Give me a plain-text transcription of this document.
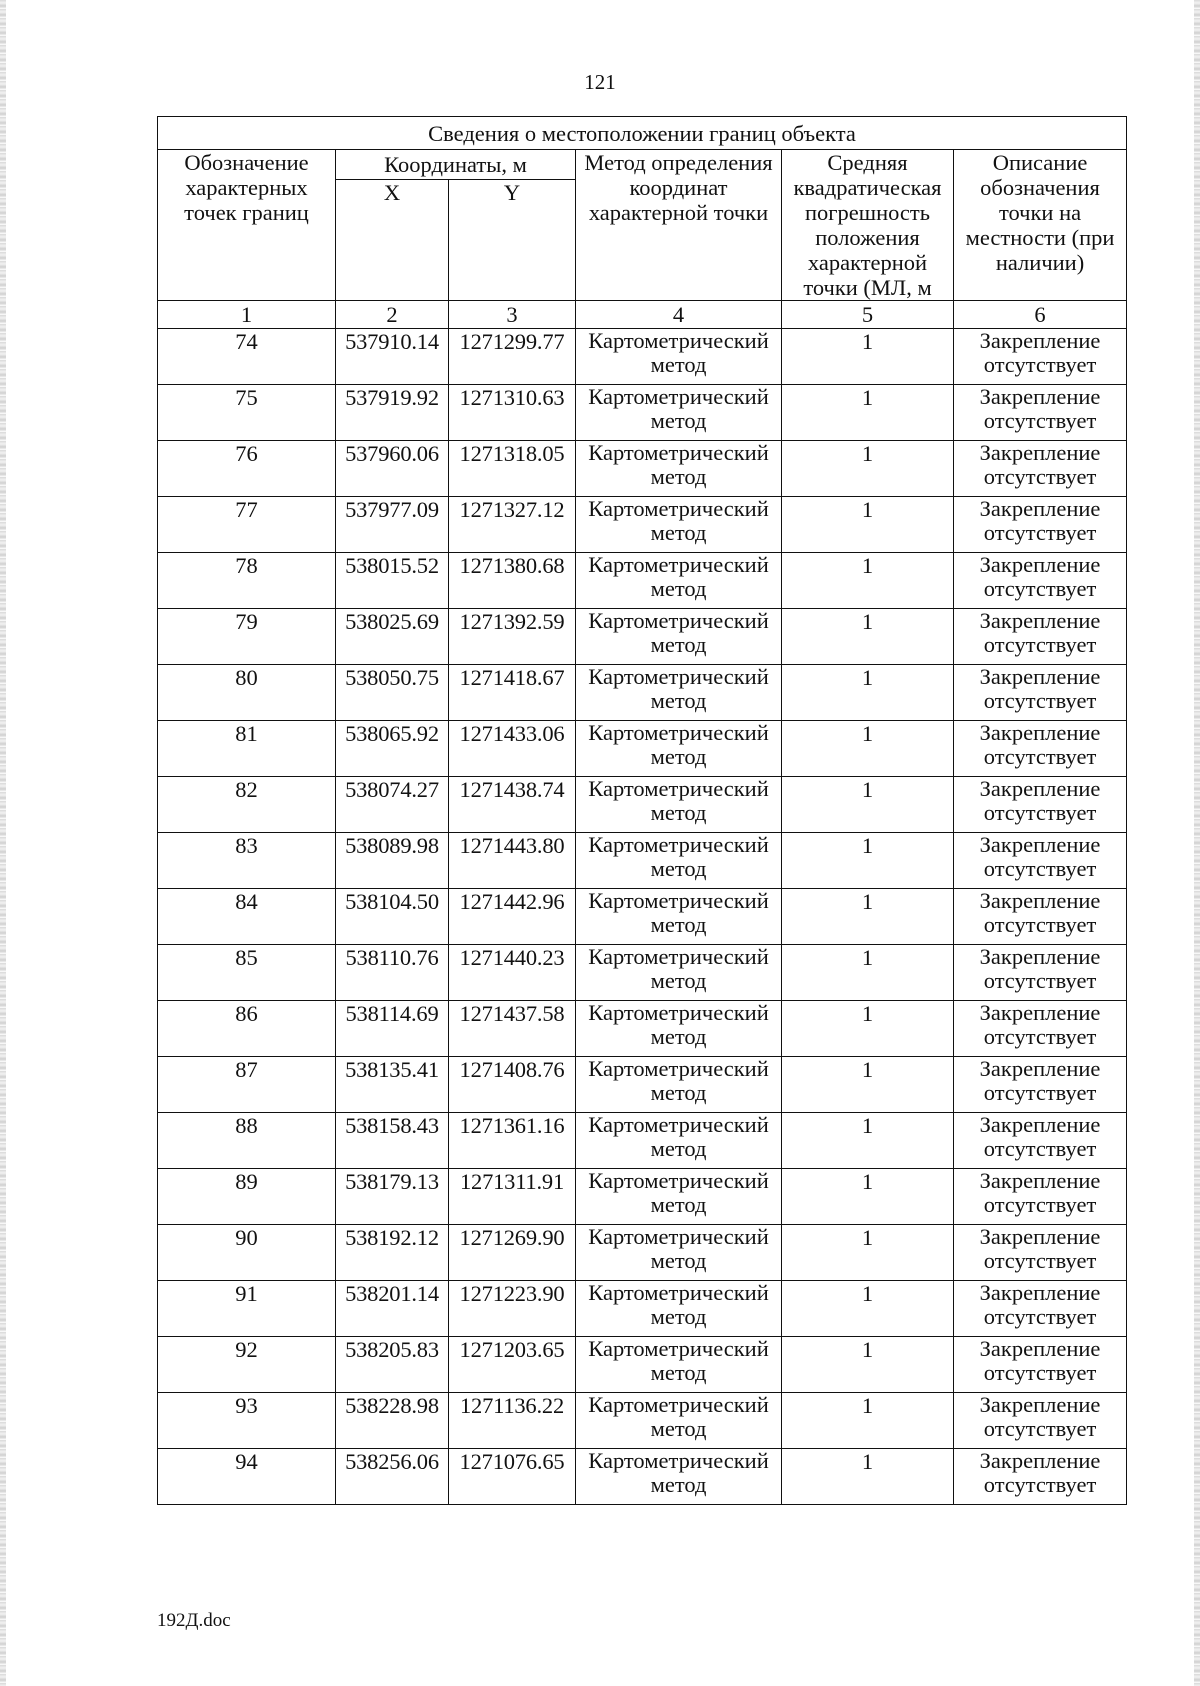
121
Сведения о местоположении границ объекта					
Обозначение характерных точек границ	Координаты, м		Метод определения координат характерной точки	Средняя квадратическая погрешность положения характерной точки (МЛ, м	Описание обозначения точки на местности (при наличии)
	X	Y			
1	2	3	4	5	6
74	537910.14	1271299.77	Картометрический метод	1	Закрепление отсутствует
75	537919.92	1271310.63	Картометрический метод	1	Закрепление отсутствует
76	537960.06	1271318.05	Картометрический метод	1	Закрепление отсутствует
77	537977.09	1271327.12	Картометрический метод	1	Закрепление отсутствует
78	538015.52	1271380.68	Картометрический метод	1	Закрепление отсутствует
79	538025.69	1271392.59	Картометрический метод	1	Закрепление отсутствует
80	538050.75	1271418.67	Картометрический метод	1	Закрепление отсутствует
81	538065.92	1271433.06	Картометрический метод	1	Закрепление отсутствует
82	538074.27	1271438.74	Картометрический метод	1	Закрепление отсутствует
83	538089.98	1271443.80	Картометрический метод	1	Закрепление отсутствует
84	538104.50	1271442.96	Картометрический метод	1	Закрепление отсутствует
85	538110.76	1271440.23	Картометрический метод	1	Закрепление отсутствует
86	538114.69	1271437.58	Картометрический метод	1	Закрепление отсутствует
87	538135.41	1271408.76	Картометрический метод	1	Закрепление отсутствует
88	538158.43	1271361.16	Картометрический метод	1	Закрепление отсутствует
89	538179.13	1271311.91	Картометрический метод	1	Закрепление отсутствует
90	538192.12	1271269.90	Картометрический метод	1	Закрепление отсутствует
91	538201.14	1271223.90	Картометрический метод	1	Закрепление отсутствует
92	538205.83	1271203.65	Картометрический метод	1	Закрепление отсутствует
93	538228.98	1271136.22	Картометрический метод	1	Закрепление отсутствует
94	538256.06	1271076.65	Картометрический метод	1	Закрепление отсутствует
192Д.doc
